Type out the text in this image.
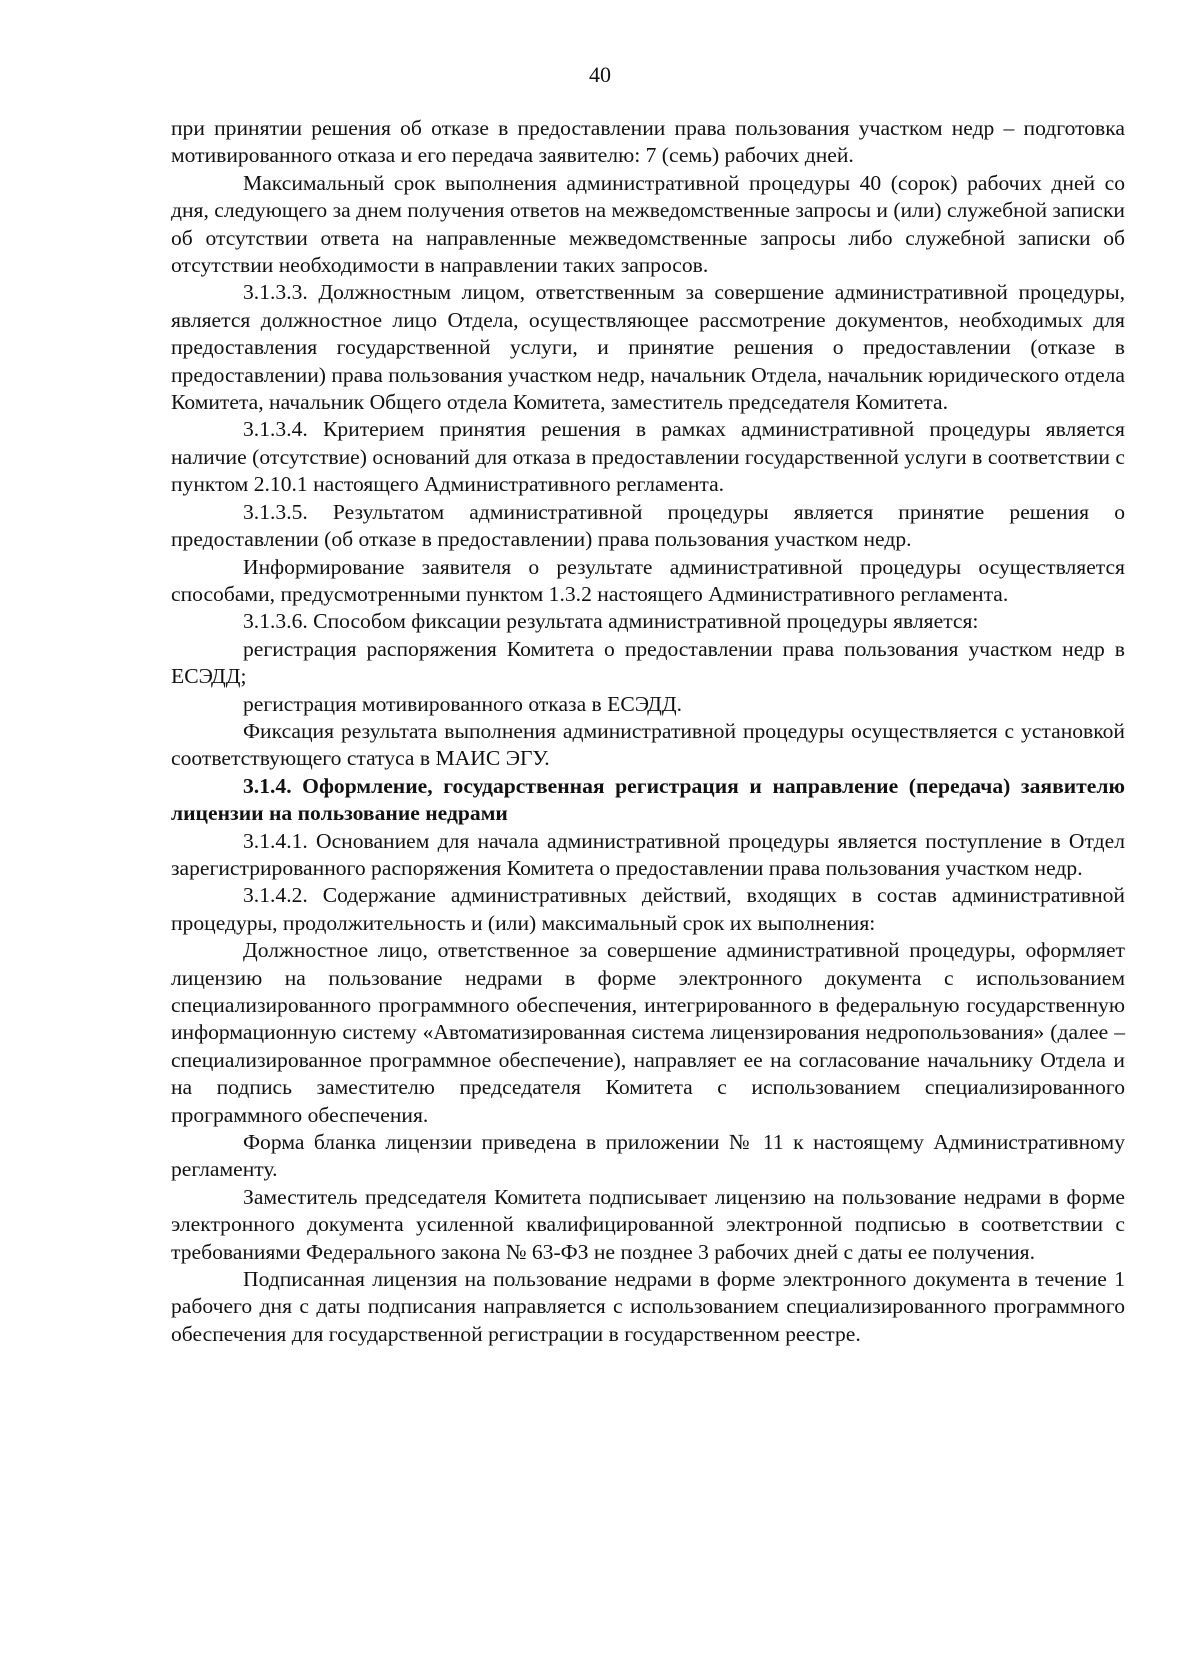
40

при принятии решения об отказе в предоставлении права пользования участком недр – подготовка мотивированного отказа и его передача заявителю: 7 (семь) рабочих дней.

Максимальный срок выполнения административной процедуры 40 (сорок) рабочих дней со дня, следующего за днем получения ответов на межведомственные запросы и (или) служебной записки об отсутствии ответа на направленные межведомственные запросы либо служебной записки об отсутствии необходимости в направлении таких запросов.

3.1.3.3. Должностным лицом, ответственным за совершение административной процедуры, является должностное лицо Отдела, осуществляющее рассмотрение документов, необходимых для предоставления государственной услуги, и принятие решения о предоставлении (отказе в предоставлении) права пользования участком недр, начальник Отдела, начальник юридического отдела Комитета, начальник Общего отдела Комитета, заместитель председателя Комитета.

3.1.3.4. Критерием принятия решения в рамках административной процедуры является наличие (отсутствие) оснований для отказа в предоставлении государственной услуги в соответствии с пунктом 2.10.1 настоящего Административного регламента.

3.1.3.5. Результатом административной процедуры является принятие решения о предоставлении (об отказе в предоставлении) права пользования участком недр.

Информирование заявителя о результате административной процедуры осуществляется способами, предусмотренными пунктом 1.3.2 настоящего Административного регламента.

3.1.3.6. Способом фиксации результата административной процедуры является:

регистрация распоряжения Комитета о предоставлении права пользования участком недр в ЕСЭДД;

регистрация мотивированного отказа в ЕСЭДД.

Фиксация результата выполнения административной процедуры осуществляется с установкой соответствующего статуса в МАИС ЭГУ.

3.1.4. Оформление, государственная регистрация и направление (передача) заявителю лицензии на пользование недрами

3.1.4.1. Основанием для начала административной процедуры является поступление в Отдел зарегистрированного распоряжения Комитета о предоставлении права пользования участком недр.

3.1.4.2. Содержание административных действий, входящих в состав административной процедуры, продолжительность и (или) максимальный срок их выполнения:

Должностное лицо, ответственное за совершение административной процедуры, оформляет лицензию на пользование недрами в форме электронного документа с использованием специализированного программного обеспечения, интегрированного в федеральную государственную информационную систему «Автоматизированная система лицензирования недропользования» (далее – специализированное программное обеспечение), направляет ее на согласование начальнику Отдела и на подпись заместителю председателя Комитета с использованием специализированного программного обеспечения.

Форма бланка лицензии приведена в приложении № 11 к настоящему Административному регламенту.

Заместитель председателя Комитета подписывает лицензию на пользование недрами в форме электронного документа усиленной квалифицированной электронной подписью в соответствии с требованиями Федерального закона № 63-ФЗ не позднее 3 рабочих дней с даты ее получения.

Подписанная лицензия на пользование недрами в форме электронного документа в течение 1 рабочего дня с даты подписания направляется с использованием специализированного программного обеспечения для государственной регистрации в государственном реестре.
